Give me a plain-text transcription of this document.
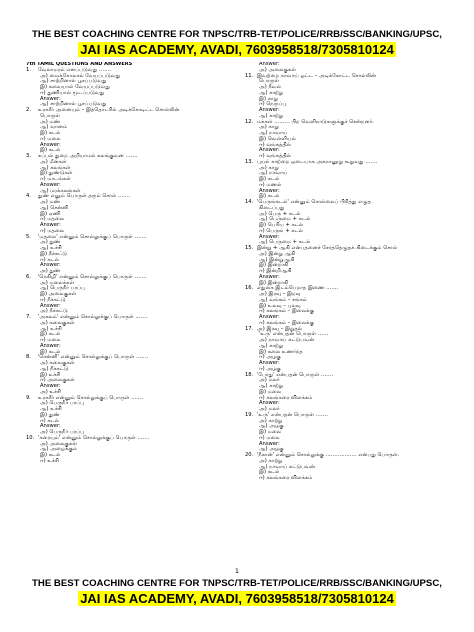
THE BEST COACHING CENTRE FOR TNPSC/TRB-TET/POLICE/RRB/SSC/BANKING/UPSC,
JAI IAS ACADEMY, AVADI, 7603958518/7305810124
7th TAMIL QUESTIONS AND ANSWERS
1. வேலாமரம் எனப்படுவது …….
அ) வைக்கோலால் வேயப்படுவது
ஆ) சாற்றினால் பூசப்படுவது
இ) சுவையால் வேயப்படுவது
ஈ) துணியால் மூடப்படுவது
Answer:
ஆ) சாற்றினால் பூசப்படுவது
2. உரகரீர் அனையும் – இத்தொடரில் அடிக்கோடிட்ட சொல்லின்
பொருள்
அ) மண்
ஆ) வானம்
இ) கடல்
ஈ) மலை
Answer:
இ) கடல்
3. கப்பல் துறை அறியாமல் கலங்குவன …….
அ) மீன்கள்
ஆ) கலங்கள்
இ) துண்டுகள்
ஈ) மாடங்கள்
Answer:
ஆ) மரக்கலங்கள்
4. துண் எனும் பொருள் தரும் சொல் …….
அ) மண்
ஆ) சென்னி
இ) ஏணி
ஈ) மதலை
Answer:
ஈ) மதலை
5. 'மதலை' என்னும் சொல்லுக்குப் பொருள் …….
அ) துண்
ஆ) உச்சி
இ) நீச்சுட்டு
ஈ) கடல்
Answer:
அ) துண்
6. 'நெகிழி' என்னும் சொல்லுக்குப் பொருள் …….
அ) மலைக்கள்
ஆ) பெருநீர் பரப்பு
இ) அலைகுகள்
ஈ) நீச்சுட்டு
Answer:
அ) நீச்சுட்டு
7. 'அகலம்' என்னும் சொல்லுக்குப் பொருள் …….
அ) கலைகுகள்
ஆ) உச்சி
இ) கடல்
ஈ) மலை
Answer:
இ) கடல்
8. 'சென்னி' என்னும் சொல்லுக்குப் பொருள் …….
அ) கலைகுகள்
ஆ) நீச்சுட்டு
இ) உச்சி
ஈ) அலைகுகள்
Answer:
அ) உச்சி
9. உரகரீர் என்னும் சொல்லுக்குப் பொருள் …….
அ) பெருநீர் பரப்பு
ஆ) உச்சி
இ) துண்
ஈ) கடல்
Answer:
அ) பெருநீர் பரப்பு
10. 'கரையும்' என்னும் சொல்லுக்குப் பொருள் …….
அ) அலைகுகள்
ஆ) அழைக்கும்
இ) கடல்
ஈ) உச்சி
Answer:
அ) அலைகுகள்
11. இவற்றை நாவாய் ஓட்ட – அடிக்கோட்ட சொல்லின்
பொருள்
அ) நீவல்
ஆ) காற்று
இ) காறு
ஈ) நெருப்பு
Answer:
ஆ) காற்று
12. மக்கள் ……… பிற வெளிநாடுகளுக்குச் சென்றனர்.
அ) காறு
ஆ) நாவாய்
இ) வெள்ளியல்
ஈ) வங்கத்தில்
Answer:
ஈ) வங்கத்தில்
13. புயல் காற்றை ஒடையாக அகநானூறு கூறுவது …….
அ) காறு
ஆ) நாவாய்
இ) கடல்
ஈ) மணல்
Answer:
இ) கடல்
14. 'பெருங்கடல்' என்னும் சொல்லைப் பிரித்து எழுத
கிடைப்பது
அ) பெரு + கடல்
ஆ) பெருமை + கடல்
இ) பெரிய + கடல்
ஈ) பெருங் + கடல்
Answer:
ஆ) பெருமை + கடல்
15. இன்று + ஆகி என்பதனைச் சேர்த்தெழுதக் கிடைக்கும் சொல்
அ) இன்று ஆகி
ஆ) இன்றுஆகி
இ) இன்றாகி
ஈ) இன்றிஆகி
Answer:
இ) இன்றாகி
16. எதுகை இடம்பெறாத இணை …….
அ) இரவு – இறவு
ஆ) வங்கம் – சங்கம்
இ) உலவு – புலவு
ஈ) கலங்கம் – இலைக்கு
Answer:
ஈ) கலங்கம் – இலைக்கு
17. அ) இரவு – இறுதல்
'உரு' என்பதன் பொருள் ……
அ) நாவாய் சுட்டுபவன்
ஆ) காற்று
இ) கலை உணர்ந்த
ஈ) அழகு
Answer:
ஈ) அழகு
18. 'போது' என்பதன் பொருள் …….
அ) மலர்
ஆ) காற்று
இ) மலை
ஈ) கலங்கரை விளக்கம்
Answer:
அ) மலர்
19. 'உரு' என்பதன் பொருள் …….
அ) காற்று
ஆ) அழகு
இ) மலை
ஈ) மலை
Answer:
ஆ) அழகு
20. 'நீகான்' என்னும் சொல்லுக்கு ……………… என்பது பொருள்.
அ) காற்று
ஆ) நாவாய் சுட்டுபவன்
இ) கடல்
ஈ) கலங்கரை விளக்கம்
1
THE BEST COACHING CENTRE FOR TNPSC/TRB-TET/POLICE/RRB/SSC/BANKING/UPSC,
JAI IAS ACADEMY, AVADI, 7603958518/7305810124
